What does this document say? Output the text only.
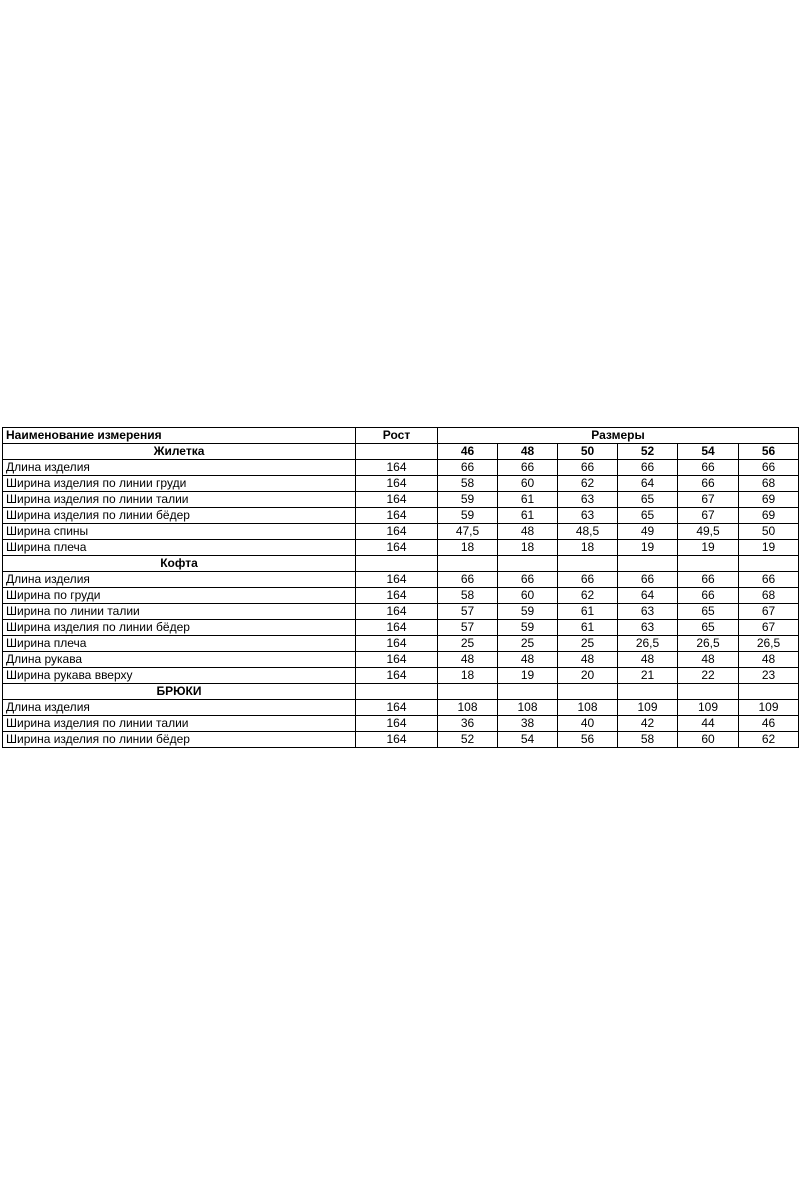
Наименование измерения	Рост	Размеры					
Жилетка		46	48	50	52	54	56
Длина изделия	164	66	66	66	66	66	66
Ширина изделия по линии груди	164	58	60	62	64	66	68
Ширина изделия по линии талии	164	59	61	63	65	67	69
Ширина изделия по линии бёдер	164	59	61	63	65	67	69
Ширина спины	164	47,5	48	48,5	49	49,5	50
Ширина плеча	164	18	18	18	19	19	19
Кофта							
Длина изделия	164	66	66	66	66	66	66
Ширина по груди	164	58	60	62	64	66	68
Ширина по линии талии	164	57	59	61	63	65	67
Ширина изделия по линии бёдер	164	57	59	61	63	65	67
Ширина плеча	164	25	25	25	26,5	26,5	26,5
Длина рукава	164	48	48	48	48	48	48
Ширина рукава вверху	164	18	19	20	21	22	23
БРЮКИ							
Длина изделия	164	108	108	108	109	109	109
Ширина изделия по линии талии	164	36	38	40	42	44	46
Ширина изделия по линии бёдер	164	52	54	56	58	60	62
